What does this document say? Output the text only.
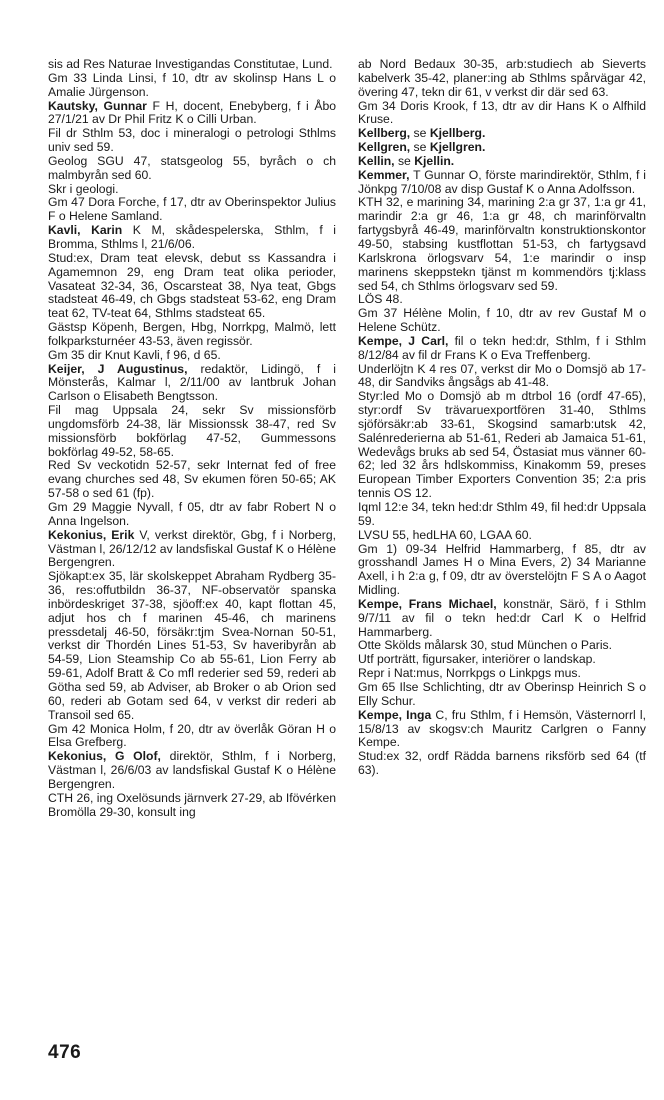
sis ad Res Naturae Investigandas Constitutae, Lund.

Gm 33 Linda Linsi, f 10, dtr av skolinsp Hans L o Amalie Jürgenson.

Kautsky, Gunnar F H, docent, Enebyberg, f i Åbo 27/1/21 av Dr Phil Fritz K o Cilli Urban.

Fil dr Sthlm 53, doc i mineralogi o petrologi Sthlms univ sed 59.

Geolog SGU 47, statsgeolog 55, byråch o ch malmbyrån sed 60.

Skr i geologi.

Gm 47 Dora Forche, f 17, dtr av Oberinspektor Julius F o Helene Samland.

Kavli, Karin K M, skådespelerska, Sthlm, f i Bromma, Sthlms l, 21/6/06.

Stud:ex, Dram teat elevsk, debut ss Kassandra i Agamemnon 29, eng Dram teat olika perioder, Vasateat 32-34, 36, Oscarsteat 38, Nya teat, Gbgs stadsteat 46-49, ch Gbgs stadsteat 53-62, eng Dram teat 62, TV-teat 64, Sthlms stadsteat 65.

Gästsp Köpenh, Bergen, Hbg, Norrkpg, Malmö, lett folkparksturnéer 43-53, även regissör.

Gm 35 dir Knut Kavli, f 96, d 65.

Keijer, J Augustinus, redaktör, Lidingö, f i Mönsterås, Kalmar l, 2/11/00 av lantbruk Johan Carlson o Elisabeth Bengtsson.

Fil mag Uppsala 24, sekr Sv missionsförb ungdomsförb 24-38, lär Missionssk 38-47, red Sv missionsförb bokförlag 47-52, Gummessons bokförlag 49-52, 58-65.

Red Sv veckotidn 52-57, sekr Internat fed of free evang churches sed 48, Sv ekumen fören 50-65; AK 57-58 o sed 61 (fp).

Gm 29 Maggie Nyvall, f 05, dtr av fabr Robert N o Anna Ingelson.

Kekonius, Erik V, verkst direktör, Gbg, f i Norberg, Västman l, 26/12/12 av landsfiskal Gustaf K o Hélène Bergengren.

Sjökapt:ex 35, lär skolskeppet Abraham Rydberg 35-36, res:offutbildn 36-37, NF-observatör spanska inbördeskriget 37-38, sjöoff:ex 40, kapt flottan 45, adjut hos ch f marinen 45-46, ch marinens pressdetalj 46-50, försäkr:tjm Svea-Nornan 50-51, verkst dir Thordén Lines 51-53, Sv haveribyrån ab 54-59, Lion Steamship Co ab 55-61, Lion Ferry ab 59-61, Adolf Bratt & Co mfl rederier sed 59, rederi ab Götha sed 59, ab Adviser, ab Broker o ab Orion sed 60, rederi ab Gotam sed 64, v verkst dir rederi ab Transoil sed 65.

Gm 42 Monica Holm, f 20, dtr av överlåk Göran H o Elsa Grefberg.

Kekonius, G Olof, direktör, Sthlm, f i Norberg, Västman l, 26/6/03 av landsfiskal Gustaf K o Hélène Bergengren.

CTH 26, ing Oxelösunds järnverk 27-29, ab Ifövérken Bromölla 29-30, konsult ing

ab Nord Bedaux 30-35, arb:studiech ab Sieverts kabelverk 35-42, planer:ing ab Sthlms spårvägar 42, övering 47, tekn dir 61, v verkst dir där sed 63.

Gm 34 Doris Krook, f 13, dtr av dir Hans K o Alfhild Kruse.

Kellberg, se Kjellberg.

Kellgren, se Kjellgren.

Kellin, se Kjellin.

Kemmer, T Gunnar O, förste marindirektör, Sthlm, f i Jönkpg 7/10/08 av disp Gustaf K o Anna Adolfsson.

KTH 32, e marining 34, marining 2:a gr 37, 1:a gr 41, marindir 2:a gr 46, 1:a gr 48, ch marinförvaltn fartygsbyrå 46-49, marinförvaltn konstruktionskontor 49-50, stabsing kustflottan 51-53, ch fartygsavd Karlskrona örlogsvarv 54, 1:e marindir o insp marinens skeppstekn tjänst m kommendörs tj:klass sed 54, ch Sthlms örlogsvarv sed 59.

LÖS 48.

Gm 37 Hélène Molin, f 10, dtr av rev Gustaf M o Helene Schütz.

Kempe, J Carl, fil o tekn hed:dr, Sthlm, f i Sthlm 8/12/84 av fil dr Frans K o Eva Treffenberg.

Underlöjtn K 4 res 07, verkst dir Mo o Domsjö ab 17-48, dir Sandviks ångsågs ab 41-48.

Styr:led Mo o Domsjö ab m dtrbol 16 (ordf 47-65), styr:ordf Sv trävaruexportfören 31-40, Sthlms sjöförsäkr:ab 33-61, Skogsind samarb:utsk 42, Salénrederierna ab 51-61, Rederi ab Jamaica 51-61, Wedevågs bruks ab sed 54, Östasiat mus vänner 60-62; led 32 års hdlskommiss, Kinakomm 59, preses European Timber Exporters Convention 35; 2:a pris tennis OS 12.

Iqml 12:e 34, tekn hed:dr Sthlm 49, fil hed:dr Uppsala 59.

LVSU 55, hedLHA 60, LGAA 60.

Gm 1) 09-34 Helfrid Hammarberg, f 85, dtr av grosshandl James H o Mina Evers, 2) 34 Marianne Axell, i h 2:a g, f 09, dtr av överstelöjtn F S A o Aagot Midling.

Kempe, Frans Michael, konstnär, Särö, f i Sthlm 9/7/11 av fil o tekn hed:dr Carl K o Helfrid Hammarberg.

Otte Skölds målarsk 30, stud München o Paris.

Utf porträtt, figursaker, interiörer o landskap.

Repr i Nat:mus, Norrkpgs o Linkpgs mus.

Gm 65 Ilse Schlichting, dtr av Oberinsp Heinrich S o Elly Schur.

Kempe, Inga C, fru Sthlm, f i Hemsön, Västernorrl l, 15/8/13 av skogsv:ch Mauritz Carlgren o Fanny Kempe.

Stud:ex 32, ordf Rädda barnens riksförb sed 64 (tf 63).

476
